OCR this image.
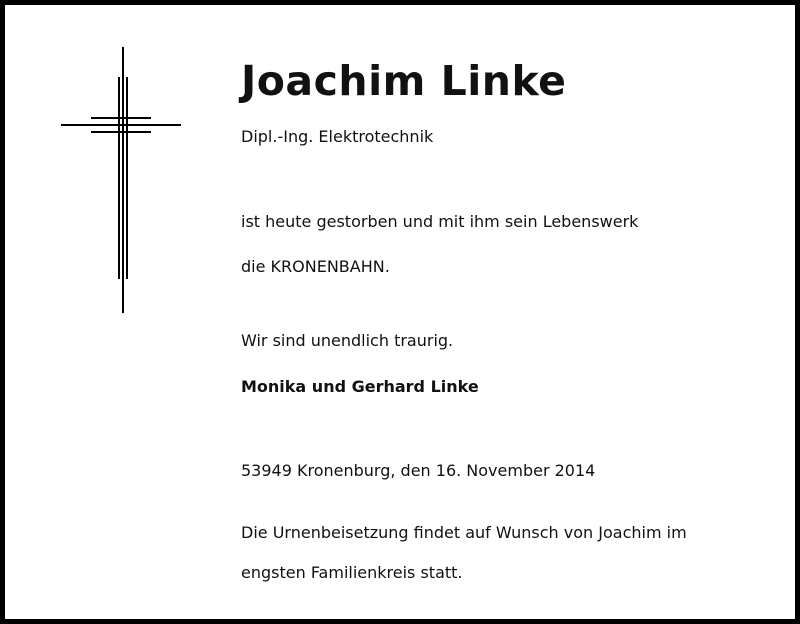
Joachim Linke
Dipl.-Ing. Elektrotechnik
ist heute gestorben und mit ihm sein Lebenswerk
die KRONENBAHN.
Wir sind unendlich traurig.
Monika und Gerhard Linke
53949 Kronenburg, den 16. November 2014
Die Urnenbeisetzung findet auf Wunsch von Joachim im
engsten Familienkreis statt.
